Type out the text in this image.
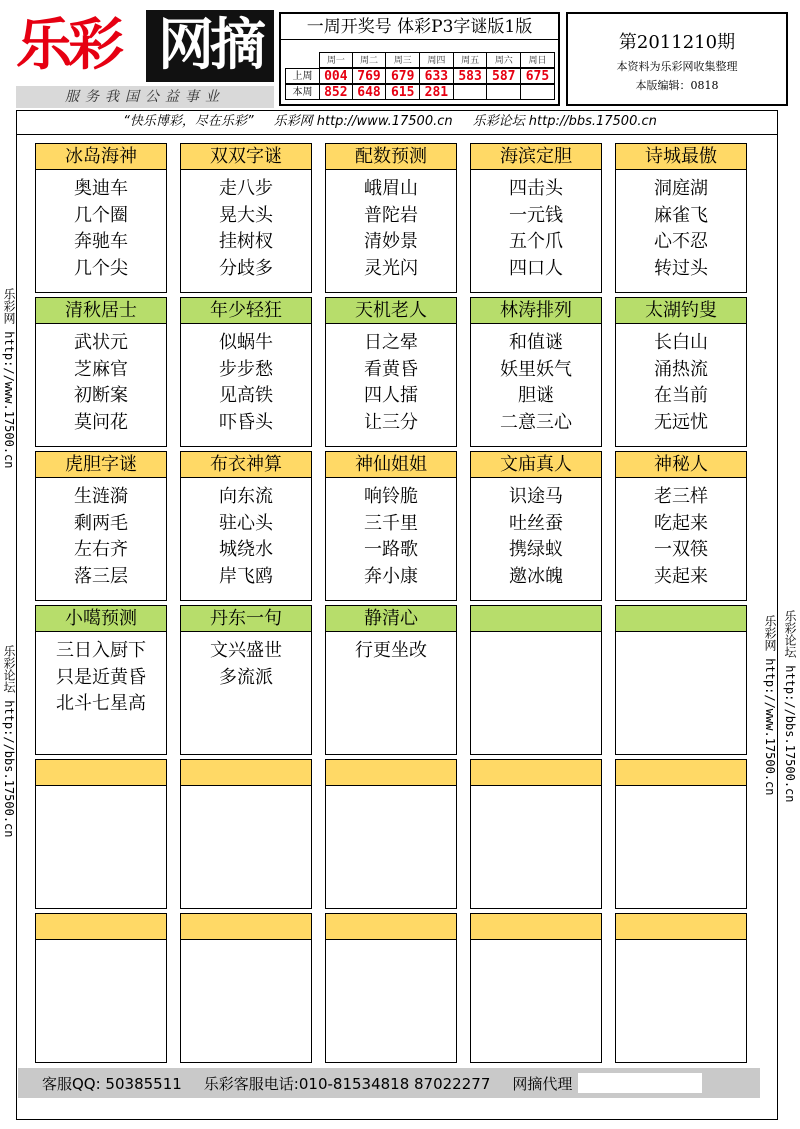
乐彩 网摘
服务我国公益事业
一周开奖号 体彩P3字谜版1版
周一	周二	周三	周四	周五	周六	周日
上周 004 769 679 633 583 587 675
本周 852 648 615 281
第2011210期
本资料为乐彩网收集整理
本版编辑：0818
“快乐博彩，尽在乐彩” 乐彩网 http://www.17500.cn 乐彩论坛 http://bbs.17500.cn
乐彩网 http://www.17500.cn
乐彩论坛 http://bbs.17500.cn	乐彩网 http://www.17500.cn 乐彩论坛 http://bbs.17500.cn
冰岛海神
奥迪车
几个圈
奔驰车
几个尖
双双字谜
走八步
晃大头
挂树杈
分歧多
配数预测
峨眉山
普陀岩
清妙景
灵光闪
海滨定胆
四击头
一元钱
五个爪
四口人
诗城最傲
洞庭湖
麻雀飞
心不忍
转过头
清秋居士
武状元
芝麻官
初断案
莫问花
年少轻狂
似蜗牛
步步愁
见高铁
吓昏头
天机老人
日之晕
看黄昏
四人擂
让三分
林涛排列
和值谜
妖里妖气
胆谜
二意三心
太湖钓叟
长白山
涌热流
在当前
无远忧
虎胆字谜
生涟漪
剩两毛
左右齐
落三层
布衣神算
向东流
驻心头
城绕水
岸飞鸥
神仙姐姐
响铃脆
三千里
一路歌
奔小康
文庙真人
识途马
吐丝蚕
携绿蚁
邀冰魄
神秘人
老三样
吃起来
一双筷
夹起来
小噶预测
三日入厨下
只是近黄昏
北斗七星高
丹东一句
文兴盛世
多流派
静清心
行更坐改
客服QQ: 50385511 乐彩客服电话:010-81534818 87022277 网摘代理
